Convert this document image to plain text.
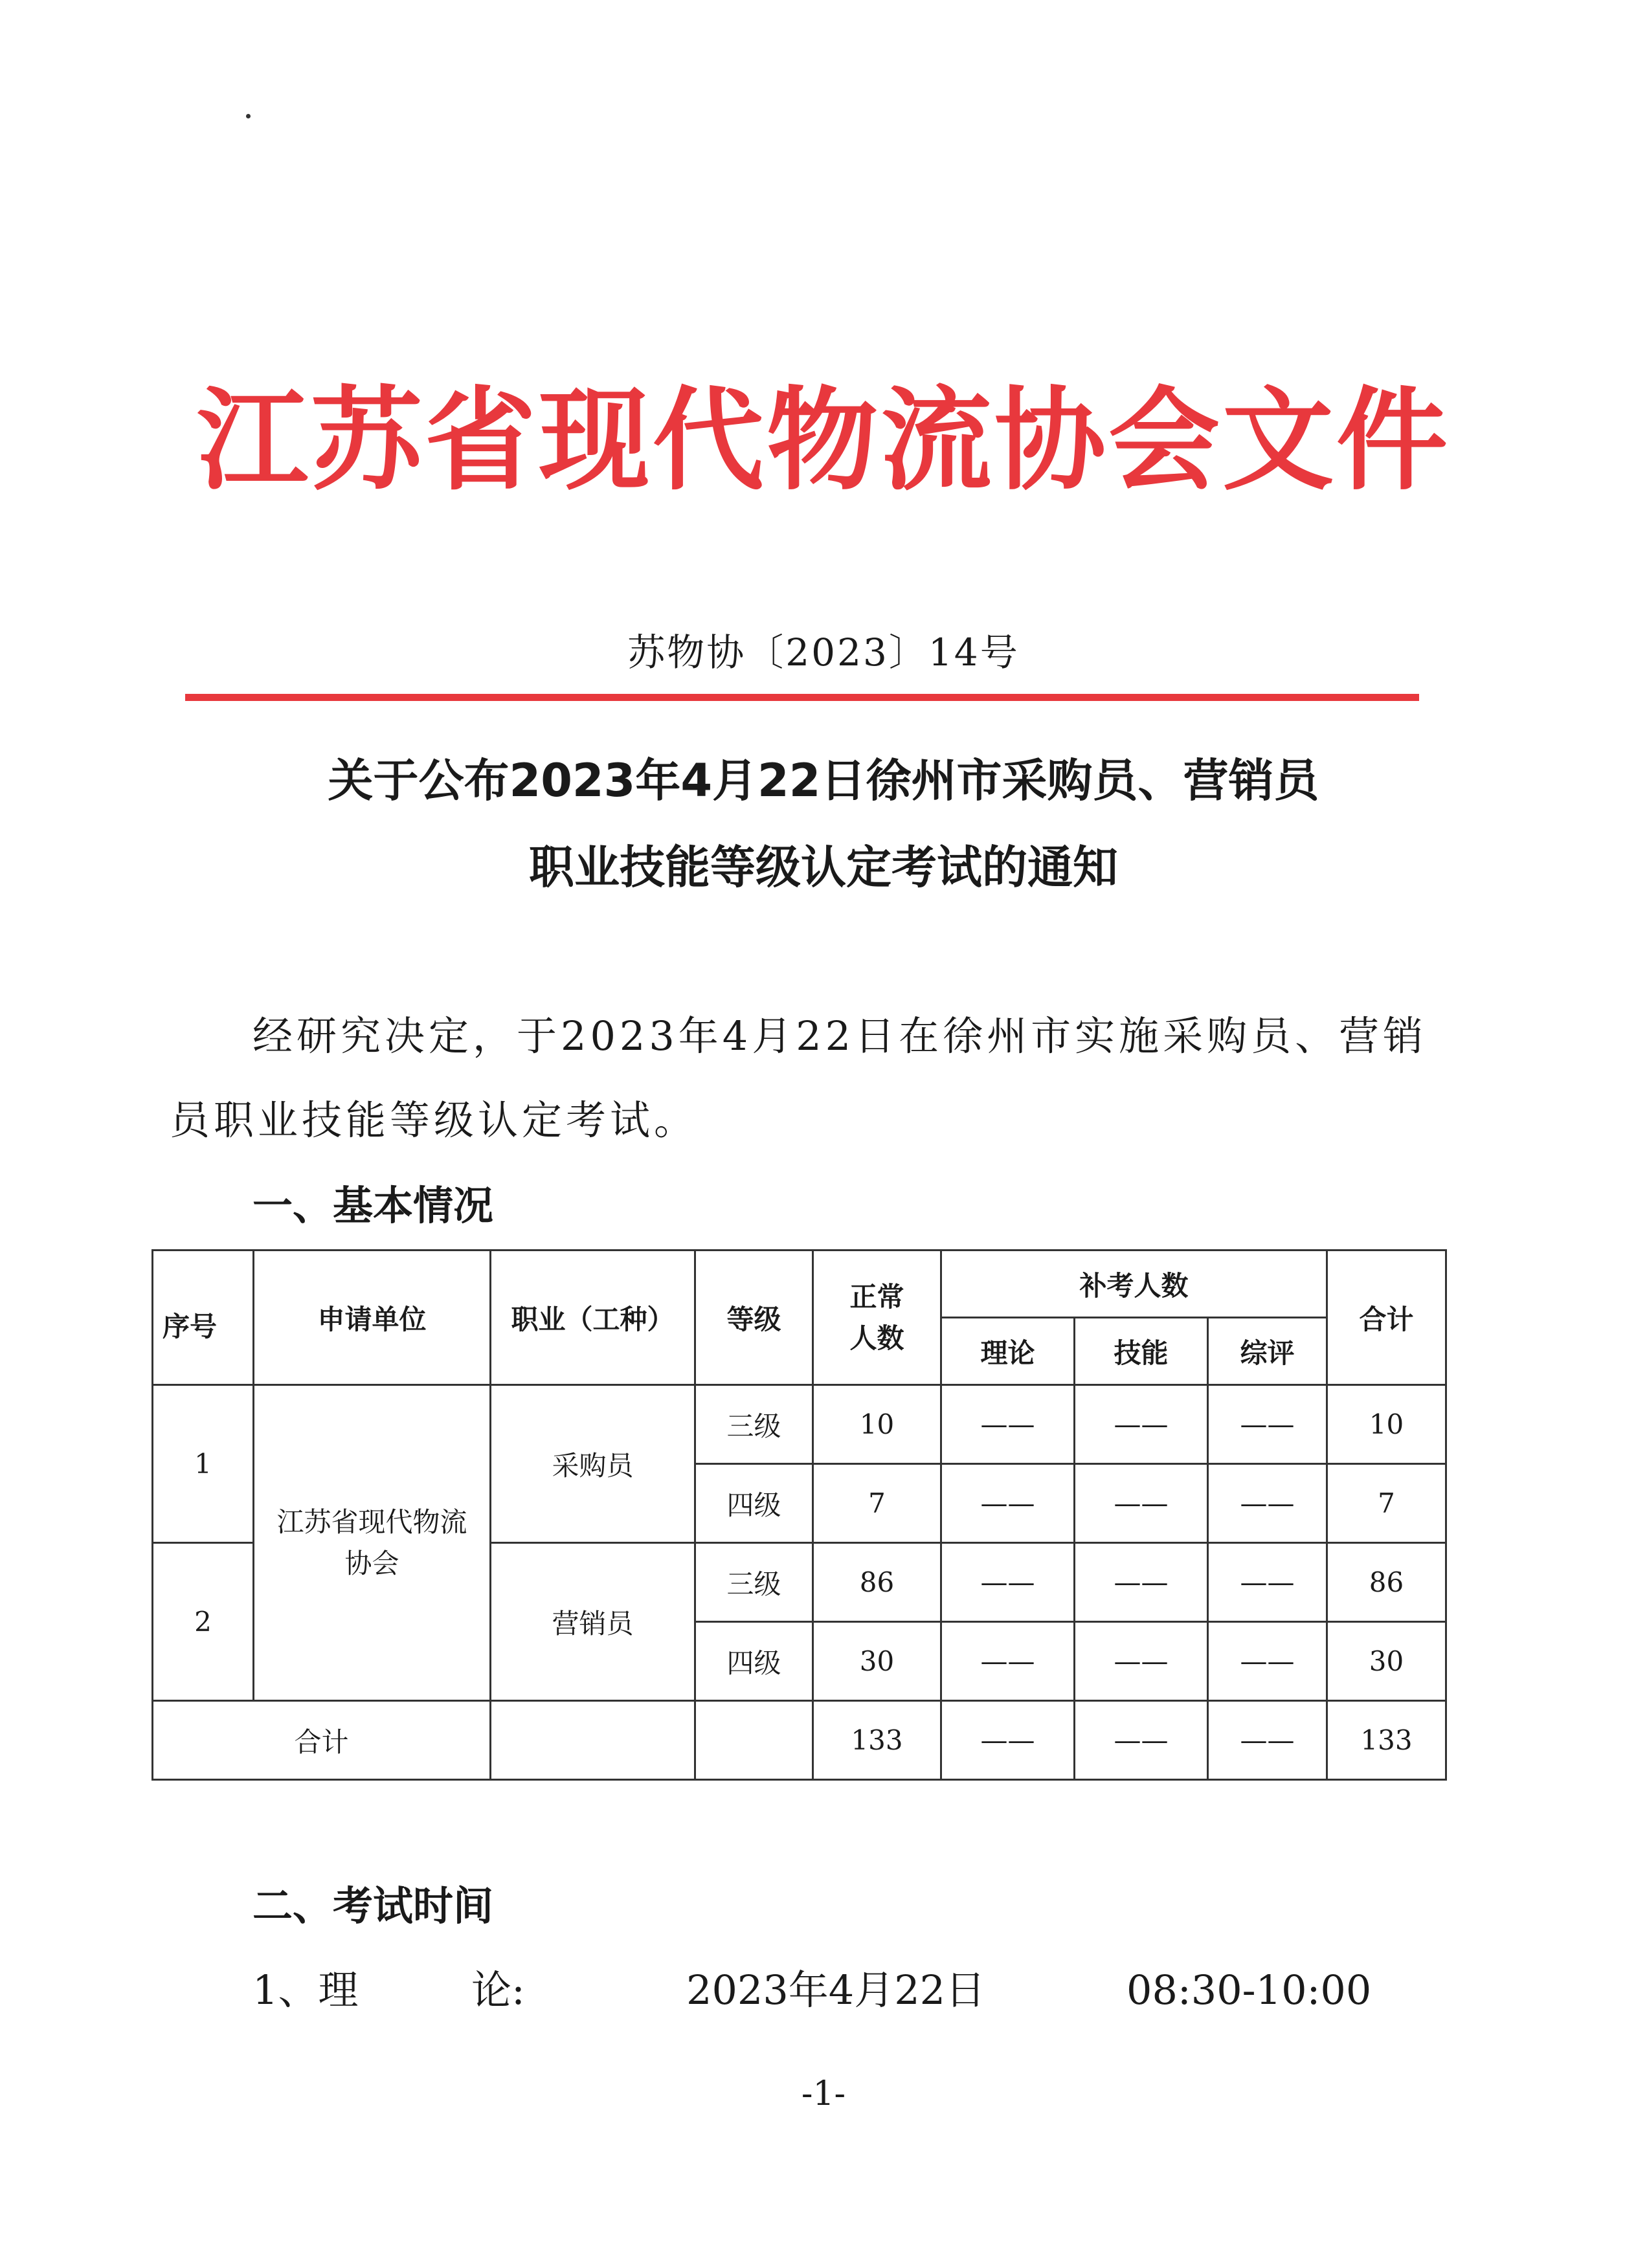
江苏省现代物流协会文件
苏物协〔2023〕14号
关于公布2023年4月22日徐州市采购员、营销员
职业技能等级认定考试的通知
经研究决定，于2023年4月22日在徐州市实施采购员、营销
员职业技能等级认定考试。
一、基本情况
序号	申请单位	职业（工种）	等级	正常人数	补考人数			合计
					理论	技能	综评	
1	江苏省现代物流协会	采购员	三级	10	——	——	——	10
			四级	7	——	——	——	7
2		营销员	三级	86	——	——	——	86
			四级	30	——	——	——	30
合计				133	——	——	——	133
二、考试时间
1、理	论:	2023年4月22日	08:30-10:00
-1-
